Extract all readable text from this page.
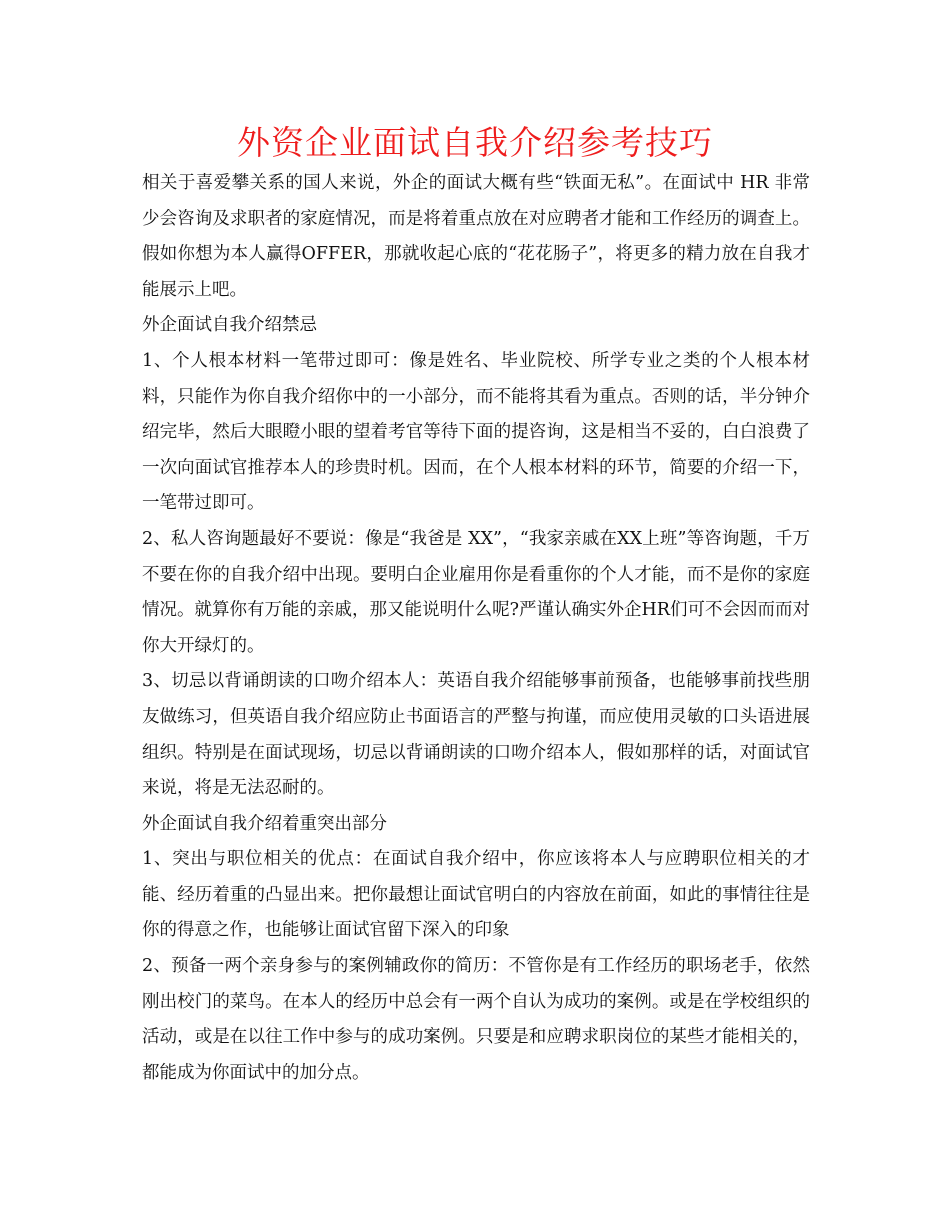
外资企业面试自我介绍参考技巧

相关于喜爱攀关系的国人来说，外企的面试大概有些“铁面无私”。在面试中 HR 非常少会咨询及求职者的家庭情况，而是将着重点放在对应聘者才能和工作经历的调查上。假如你想为本人赢得OFFER，那就收起心底的“花花肠子”，将更多的精力放在自我才能展示上吧。

外企面试自我介绍禁忌

1、个人根本材料一笔带过即可：像是姓名、毕业院校、所学专业之类的个人根本材料，只能作为你自我介绍你中的一小部分，而不能将其看为重点。否则的话，半分钟介绍完毕，然后大眼瞪小眼的望着考官等待下面的提咨询，这是相当不妥的，白白浪费了一次向面试官推荐本人的珍贵时机。因而，在个人根本材料的环节，简要的介绍一下，一笔带过即可。

2、私人咨询题最好不要说：像是“我爸是 XX”，“我家亲戚在XX上班”等咨询题，千万不要在你的自我介绍中出现。要明白企业雇用你是看重你的个人才能，而不是你的家庭情况。就算你有万能的亲戚，那又能说明什么呢?严谨认确实外企HR们可不会因而而对你大开绿灯的。

3、切忌以背诵朗读的口吻介绍本人：英语自我介绍能够事前预备，也能够事前找些朋友做练习，但英语自我介绍应防止书面语言的严整与拘谨，而应使用灵敏的口头语进展组织。特别是在面试现场，切忌以背诵朗读的口吻介绍本人，假如那样的话，对面试官来说，将是无法忍耐的。

外企面试自我介绍着重突出部分

1、突出与职位相关的优点：在面试自我介绍中，你应该将本人与应聘职位相关的才能、经历着重的凸显出来。把你最想让面试官明白的内容放在前面，如此的事情往往是你的得意之作，也能够让面试官留下深入的印象

2、预备一两个亲身参与的案例辅政你的简历：不管你是有工作经历的职场老手，依然刚出校门的菜鸟。在本人的经历中总会有一两个自认为成功的案例。或是在学校组织的活动，或是在以往工作中参与的成功案例。只要是和应聘求职岗位的某些才能相关的，都能成为你面试中的加分点。
